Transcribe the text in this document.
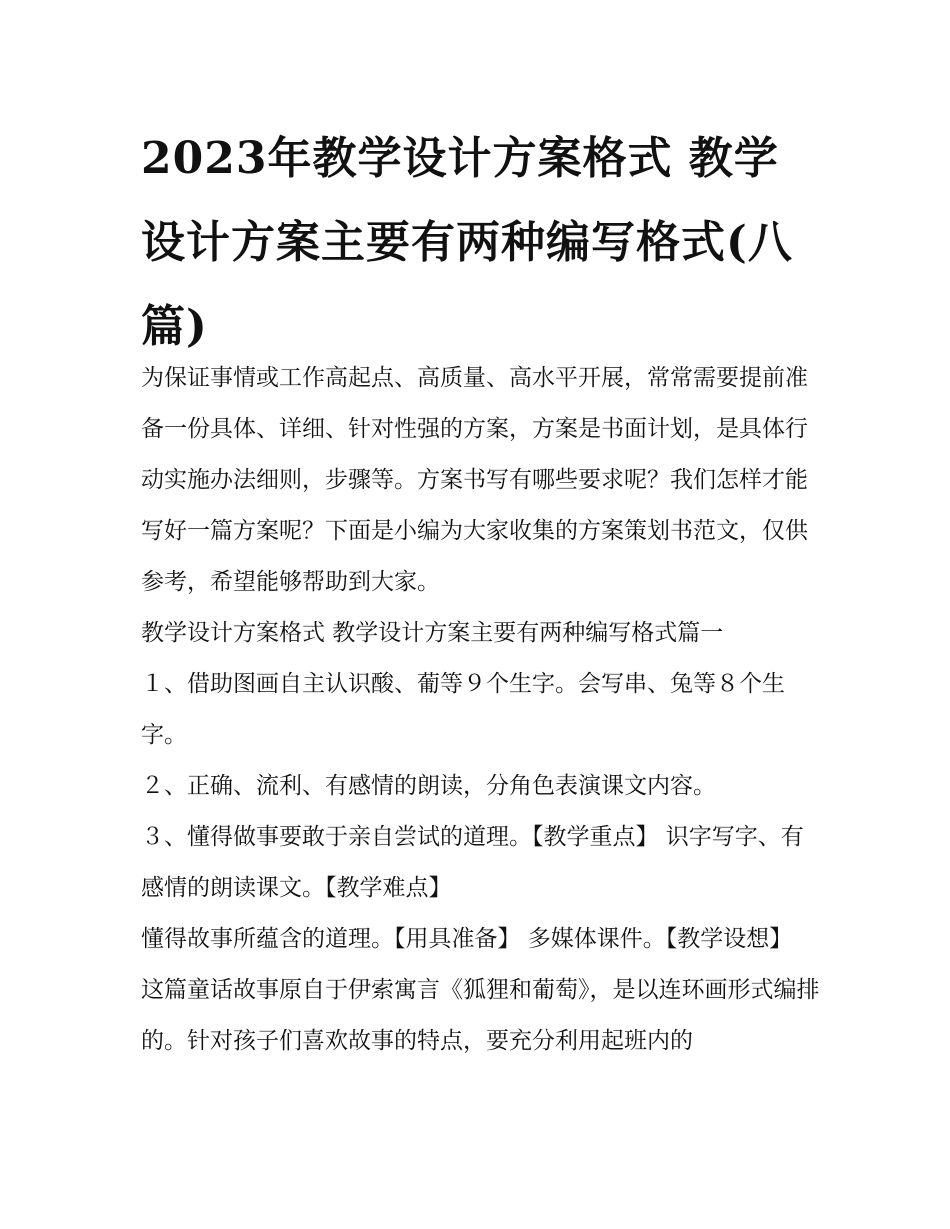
2023年教学设计方案格式 教学设计方案主要有两种编写格式(八篇)

为保证事情或工作高起点、高质量、高水平开展，常常需要提前准备一份具体、详细、针对性强的方案，方案是书面计划，是具体行动实施办法细则，步骤等。方案书写有哪些要求呢？我们怎样才能写好一篇方案呢？下面是小编为大家收集的方案策划书范文，仅供参考，希望能够帮助到大家。

教学设计方案格式 教学设计方案主要有两种编写格式篇一

１、借助图画自主认识酸、葡等９个生字。会写串、兔等８个生字。

２、正确、流利、有感情的朗读，分角色表演课文内容。

３、懂得做事要敢于亲自尝试的道理。【教学重点】 识字写字、有感情的朗读课文。【教学难点】

懂得故事所蕴含的道理。【用具准备】 多媒体课件。【教学设想】

这篇童话故事原自于伊索寓言《狐狸和葡萄》，是以连环画形式编排的。针对孩子们喜欢故事的特点，要充分利用起班内的
